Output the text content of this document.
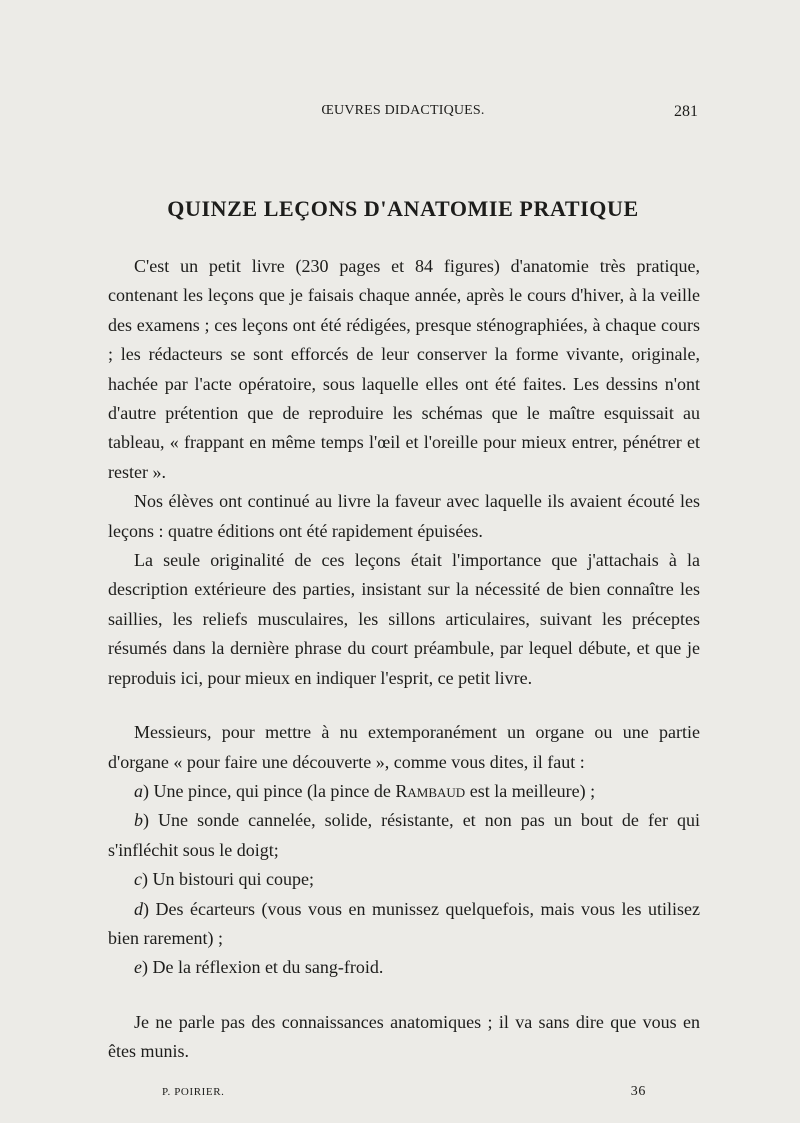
ŒUVRES DIDACTIQUES.	281
QUINZE LEÇONS D'ANATOMIE PRATIQUE

C'est un petit livre (230 pages et 84 figures) d'anatomie très pratique, contenant les leçons que je faisais chaque année, après le cours d'hiver, à la veille des examens ; ces leçons ont été rédigées, presque sténographiées, à chaque cours ; les rédacteurs se sont efforcés de leur conserver la forme vivante, originale, hachée par l'acte opératoire, sous laquelle elles ont été faites. Les dessins n'ont d'autre prétention que de reproduire les schémas que le maître esquissait au tableau, « frappant en même temps l'œil et l'oreille pour mieux entrer, pénétrer et rester ».

Nos élèves ont continué au livre la faveur avec laquelle ils avaient écouté les leçons : quatre éditions ont été rapidement épuisées.

La seule originalité de ces leçons était l'importance que j'attachais à la description extérieure des parties, insistant sur la nécessité de bien connaître les saillies, les reliefs musculaires, les sillons articulaires, suivant les préceptes résumés dans la dernière phrase du court préambule, par lequel débute, et que je reproduis ici, pour mieux en indiquer l'esprit, ce petit livre.

Messieurs, pour mettre à nu extemporanément un organe ou une partie d'organe « pour faire une découverte », comme vous dites, il faut :

a) Une pince, qui pince (la pince de Rambaud est la meilleure) ;

b) Une sonde cannelée, solide, résistante, et non pas un bout de fer qui s'infléchit sous le doigt;

c) Un bistouri qui coupe;

d) Des écarteurs (vous vous en munissez quelquefois, mais vous les utilisez bien rarement) ;

e) De la réflexion et du sang-froid.

Je ne parle pas des connaissances anatomiques ; il va sans dire que vous en êtes munis.

P. POIRIER.	36
